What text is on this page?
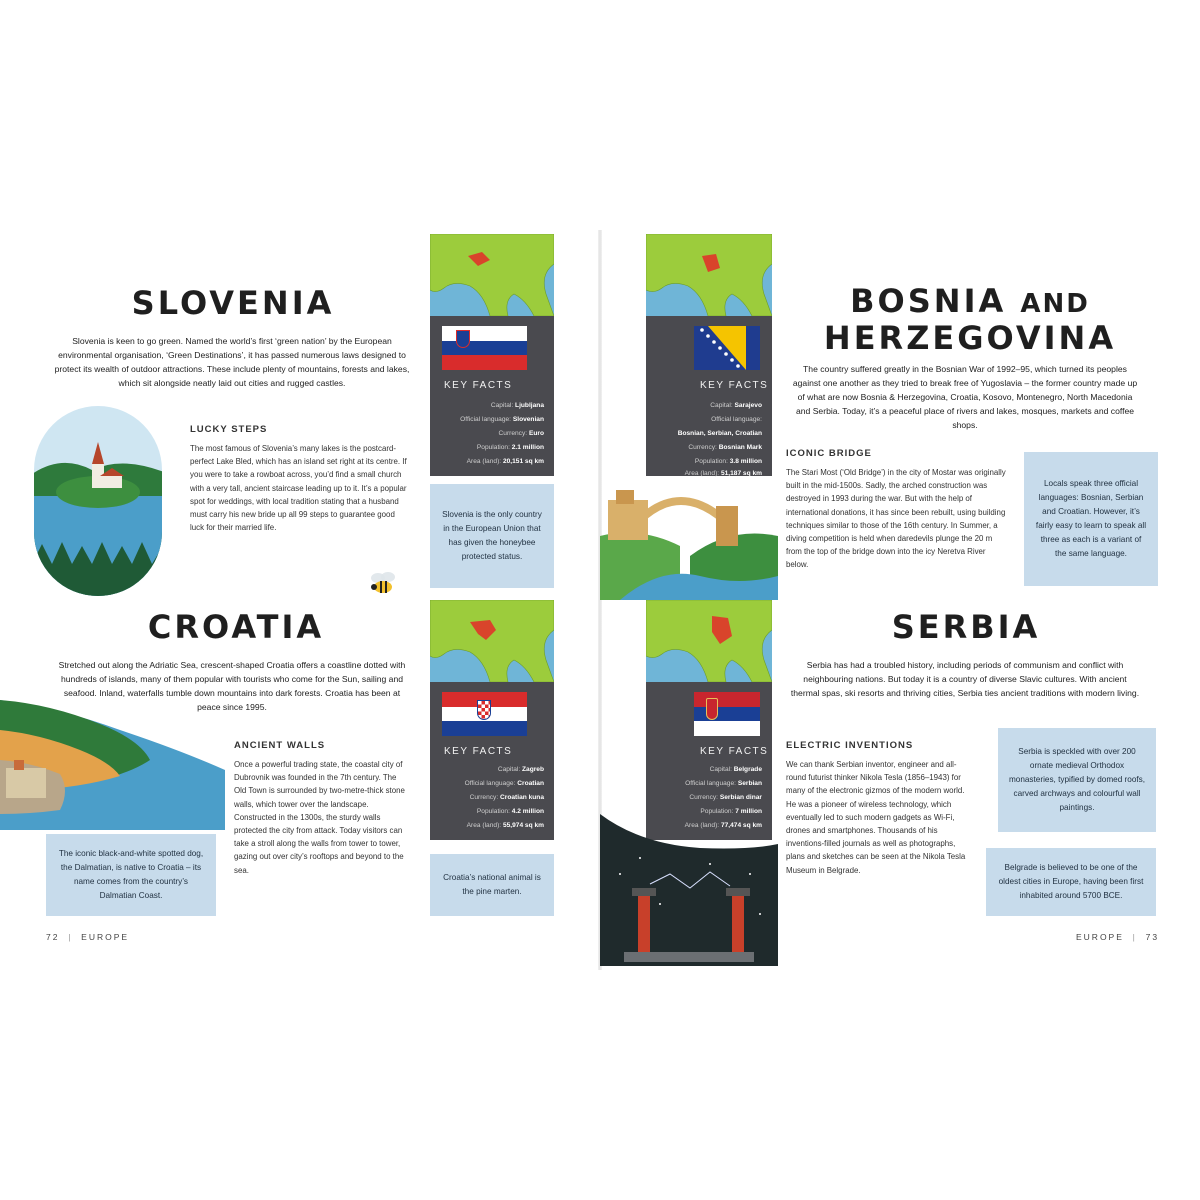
SLOVENIA
Slovenia is keen to go green. Named the world’s first ‘green nation’ by the European environmental organisation, ‘Green Destinations’, it has passed numerous laws designed to protect its wealth of outdoor attractions. These include plenty of mountains, forests and lakes, which sit alongside neatly laid out cities and rugged castles.
LUCKY STEPS
The most famous of Slovenia’s many lakes is the postcard-perfect Lake Bled, which has an island set right at its centre. If you were to take a rowboat across, you’d find a small church with a very tall, ancient staircase leading up to it. It’s a popular spot for weddings, with local tradition stating that a husband must carry his new bride up all 99 steps to guarantee good luck for their married life.
KEY FACTS
Capital: Ljubljana
Official language: Slovenian
Currency: Euro
Population: 2.1 million
Area (land): 20,151 sq km
Slovenia is the only country in the European Union that has given the honeybee protected status.
CROATIA
Stretched out along the Adriatic Sea, crescent-shaped Croatia offers a coastline dotted with hundreds of islands, many of them popular with tourists who come for the Sun, sailing and seafood. Inland, waterfalls tumble down mountains into dark forests. Croatia has been at peace since 1995.
ANCIENT WALLS
Once a powerful trading state, the coastal city of Dubrovnik was founded in the 7th century. The Old Town is surrounded by two-metre-thick stone walls, which tower over the landscape. Constructed in the 1300s, the sturdy walls protected the city from attack. Today visitors can take a stroll along the walls from tower to tower, gazing out over city’s rooftops and beyond to the sea.
The iconic black-and-white spotted dog, the Dalmatian, is native to Croatia – its name comes from the country’s Dalmatian Coast.
KEY FACTS
Capital: Zagreb
Official language: Croatian
Currency: Croatian kuna
Population: 4.2 million
Area (land): 55,974 sq km
Croatia’s national animal is the pine marten.
72  |  EUROPE
KEY FACTS
Capital: Sarajevo
Official language:
Bosnian, Serbian, Croatian
Currency: Bosnian Mark
Population: 3.8 million
Area (land): 51,187 sq km
BOSNIA AND
HERZEGOVINA
The country suffered greatly in the Bosnian War of 1992–95, which turned its peoples against one another as they tried to break free of Yugoslavia – the former country made up of what are now Bosnia & Herzegovina, Croatia, Kosovo, Montenegro, North Macedonia and Serbia. Today, it’s a peaceful place of rivers and lakes, mosques, markets and coffee shops.
ICONIC BRIDGE
The Stari Most (‘Old Bridge’) in the city of Mostar was originally built in the mid-1500s. Sadly, the arched construction was destroyed in 1993 during the war. But with the help of international donations, it has since been rebuilt, using building techniques similar to those of the 16th century. In Summer, a diving competition is held when daredevils plunge the 20 m from the top of the bridge down into the icy Neretva River below.
Locals speak three official languages: Bosnian, Serbian and Croatian. However, it’s fairly easy to learn to speak all three as each is a variant of the same language.
KEY FACTS
Capital: Belgrade
Official language: Serbian
Currency: Serbian dinar
Population: 7 million
Area (land): 77,474 sq km
SERBIA
Serbia has had a troubled history, including periods of communism and conflict with neighbouring nations. But today it is a country of diverse Slavic cultures. With ancient thermal spas, ski resorts and thriving cities, Serbia ties ancient traditions with modern living.
ELECTRIC INVENTIONS
We can thank Serbian inventor, engineer and all-round futurist thinker Nikola Tesla (1856–1943) for many of the electronic gizmos of the modern world. He was a pioneer of wireless technology, which eventually led to such modern gadgets as Wi-Fi, drones and smartphones. Thousands of his inventions-filled journals as well as photographs, plans and sketches can be seen at the Nikola Tesla Museum in Belgrade.
Serbia is speckled with over 200 ornate medieval Orthodox monasteries, typified by domed roofs, carved archways and colourful wall paintings.
Belgrade is believed to be one of the oldest cities in Europe, having been first inhabited around 5700 BCE.
EUROPE  |  73
